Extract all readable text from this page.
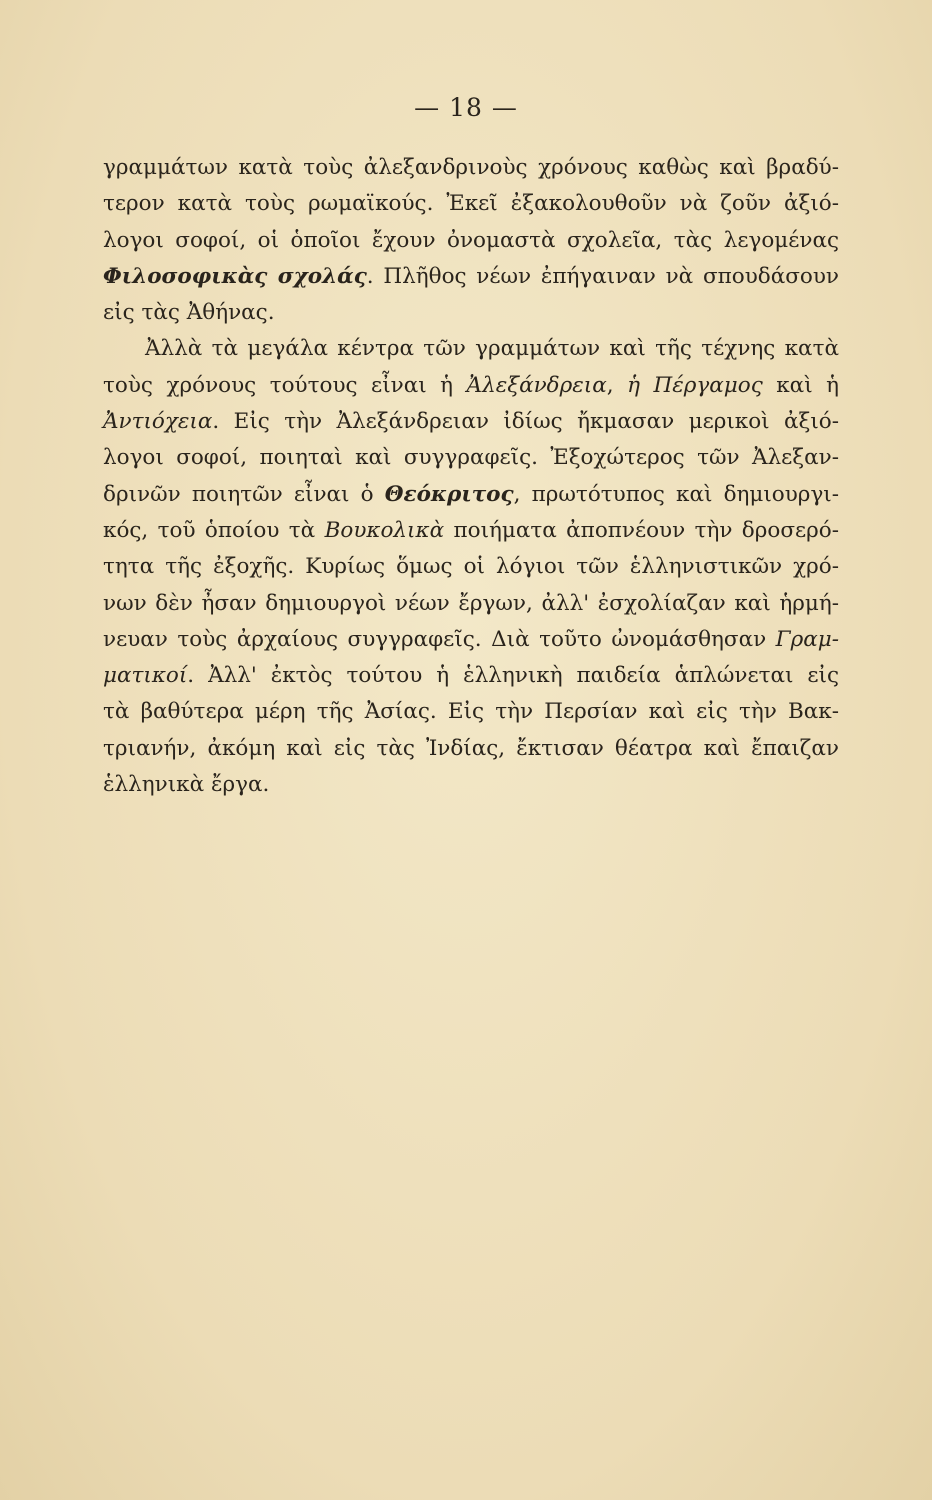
— 18 —
γραμμάτων κατὰ τοὺς ἀλεξανδρινοὺς χρόνους καθὼς καὶ βραδύ-
τερον κατὰ τοὺς ρωμαϊκούς. Ἐκεῖ ἐξακολουθοῦν νὰ ζοῦν ἀξιό-
λογοι σοφοί, οἱ ὁποῖοι ἔχουν ὀνομαστὰ σχολεῖα, τὰς λεγομένας
Φιλοσοφικὰς σχολάς. Πλῆθος νέων ἐπήγαιναν νὰ σπουδάσουν
εἰς τὰς Ἀθήνας.
Ἀλλὰ τὰ μεγάλα κέντρα τῶν γραμμάτων καὶ τῆς τέχνης κατὰ
τοὺς χρόνους τούτους εἶναι ἡ Ἀλεξάνδρεια, ἡ Πέργαμος καὶ ἡ
Ἀντιόχεια. Εἰς τὴν Ἀλεξάνδρειαν ἰδίως ἤκμασαν μερικοὶ ἀξιό-
λογοι σοφοί, ποιηταὶ καὶ συγγραφεῖς. Ἐξοχώτερος τῶν Ἀλεξαν-
δρινῶν ποιητῶν εἶναι ὁ Θεόκριτος, πρωτότυπος καὶ δημιουργι-
κός, τοῦ ὁποίου τὰ Βουκολικὰ ποιήματα ἀποπνέουν τὴν δροσερό-
τητα τῆς ἐξοχῆς. Κυρίως ὅμως οἱ λόγιοι τῶν ἑλληνιστικῶν χρό-
νων δὲν ἦσαν δημιουργοὶ νέων ἔργων, ἀλλ' ἐσχολίαζαν καὶ ἡρμή-
νευαν τοὺς ἀρχαίους συγγραφεῖς. Διὰ τοῦτο ὠνομάσθησαν Γραμ-
ματικοί. Ἀλλ' ἐκτὸς τούτου ἡ ἑλληνικὴ παιδεία ἁπλώνεται εἰς
τὰ βαθύτερα μέρη τῆς Ἀσίας. Εἰς τὴν Περσίαν καὶ εἰς τὴν Βακ-
τριανήν, ἀκόμη καὶ εἰς τὰς Ἰνδίας, ἔκτισαν θέατρα καὶ ἔπαιζαν
ἑλληνικὰ ἔργα.
